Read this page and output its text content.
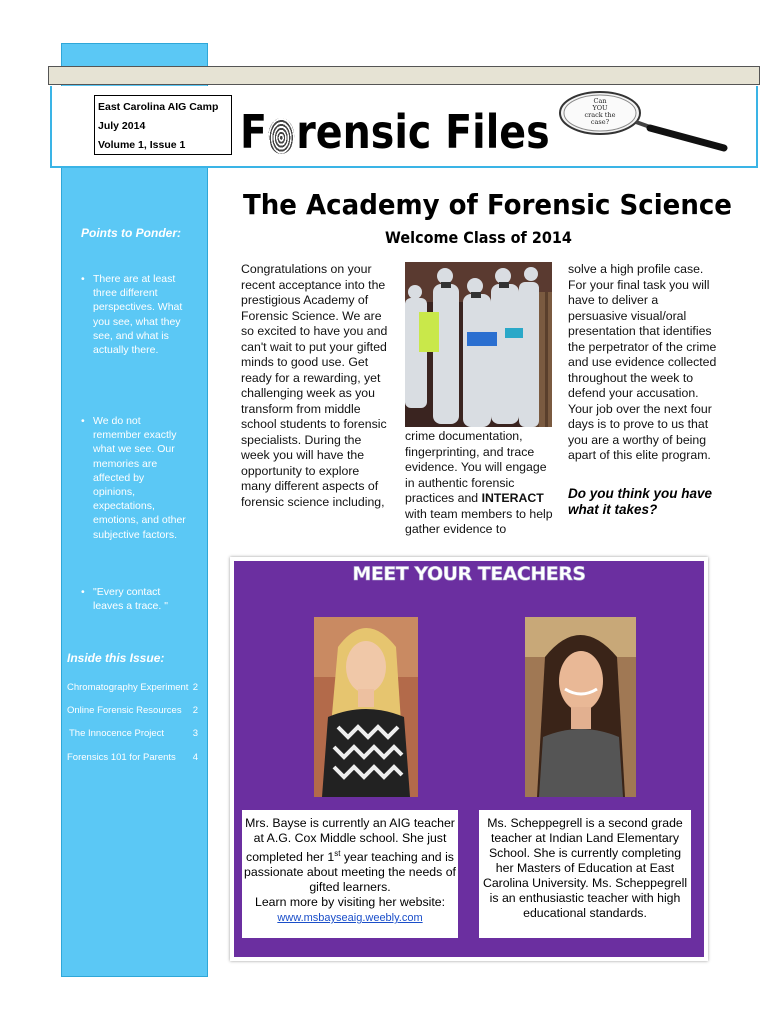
Points to Ponder:
• There are at least three different perspectives. What you see, what they see, and what is actually there.
• We do not remember exactly what we see. Our memories are affected by opinions, expectations, emotions, and other subjective factors.
• "Every contact leaves a trace. "
Inside this Issue:
Chromatography Experiment 2
Online Forensic Resources 2
The Innocence Project	3
Forensics 101 for Parents 4
East Carolina AIG Camp
July 2014
Volume 1, Issue 1	F rensic Files
Can
YOU
crack the
case?
The Academy of Forensic Science
Welcome Class of 2014
Congratulations on your recent acceptance into the prestigious Academy of Forensic Science. We are so excited to have you and can't wait to put your gifted minds to good use. Get ready for a rewarding, yet challenging week as you transform from middle school students to forensic specialists. During the week you will have the opportunity to explore many different aspects of forensic science including,
crime documentation, fingerprinting, and trace evidence. You will engage in authentic forensic practices and INTERACT with team members to help gather evidence to
solve a high profile case. For your final task you will have to deliver a persuasive visual/oral presentation that identifies the perpetrator of the crime and use evidence collected throughout the week to defend your accusation. Your job over the next four days is to prove to us that you are a worthy of being apart of this elite program.
Do you think you have what it takes?
MEET YOUR TEACHERS
Mrs. Bayse is currently an AIG teacher at A.G. Cox Middle school. She just completed her 1st year teaching and is passionate about meeting the needs of gifted learners.
Learn more by visiting her website:
www.msbayseaig.weebly.com
Ms. Scheppegrell is a second grade teacher at Indian Land Elementary School. She is currently completing her Masters of Education at East Carolina University. Ms. Scheppegrell is an enthusiastic teacher with high educational standards.
